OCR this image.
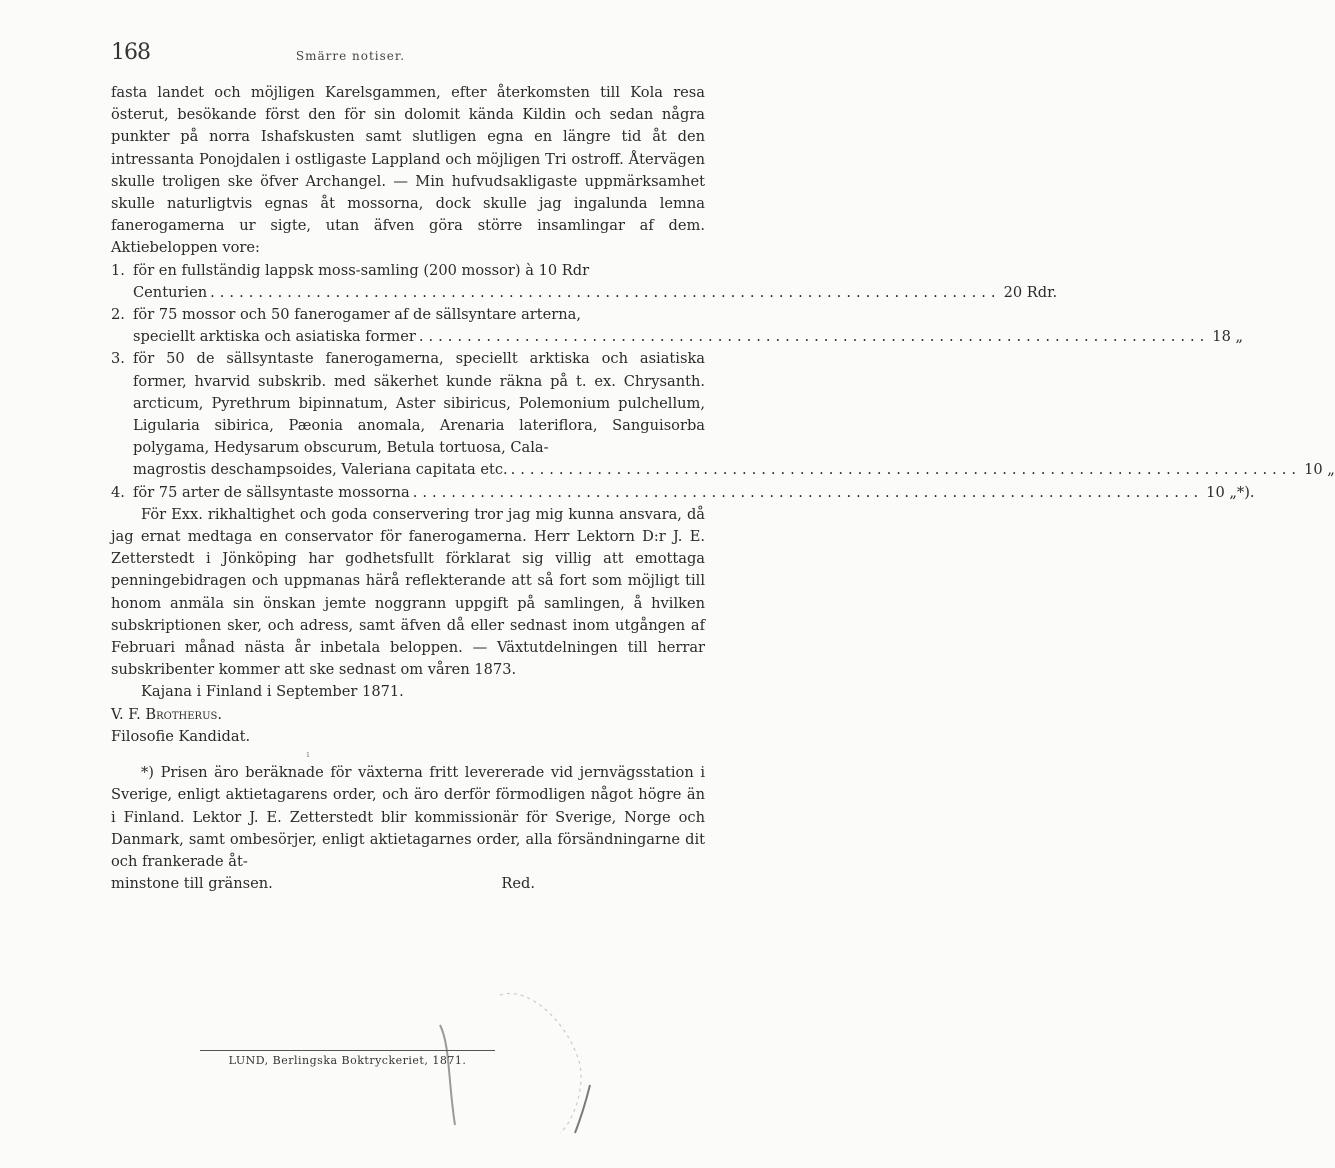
168	Smärre notiser.

fasta landet och möjligen Karelsgammen, efter återkomsten till Kola resa österut, besökande först den för sin dolomit kända Kildin och sedan några punkter på norra Ishafskusten samt slutligen egna en längre tid åt den intressanta Ponojdalen i ostligaste Lappland och möjligen Tri ostroff. Återvägen skulle troligen ske öfver Archangel. — Min hufvudsakligaste uppmärksamhet skulle naturligtvis egnas åt mossorna, dock skulle jag ingalunda lemna fanerogamerna ur sigte, utan äfven göra större insamlingar af dem. Aktiebeloppen vore:

1. för en fullständig lappsk moss-samling (200 mossor) à 10 Rdr

Centurien .................................................................................. 20 Rdr.
2. för 75 mossor och 50 fanerogamer af de sällsyntare arterna,

speciellt arktiska och asiatiska former .................................................................................. 18 „
3. för 50 de sällsyntaste fanerogamerna, speciellt arktiska och asiatiska former, hvarvid subskrib. med säkerhet kunde räkna på t. ex. Chrysanth. arcticum, Pyrethrum bipinnatum, Aster sibiricus, Polemonium pulchellum, Ligularia sibirica, Pæonia anomala, Arenaria lateriflora, Sanguisorba polygama, Hedysarum obscurum, Betula tortuosa, Cala-

magrostis deschampsoides, Valeriana capitata etc. .................................................................................. 10 „
4. för 75 arter de sällsyntaste mossorna .................................................................................. 10 „*).

För Exx. rikhaltighet och goda conservering tror jag mig kunna ansvara, då jag ernat medtaga en conservator för fanerogamerna. Herr Lektorn D:r J. E. Zetterstedt i Jönköping har godhetsfullt förklarat sig villig att emottaga penningebidragen och uppmanas härå reflekterande att så fort som möjligt till honom anmäla sin önskan jemte noggrann uppgift på samlingen, å hvilken subskriptionen sker, och adress, samt äfven då eller sednast inom utgången af Februari månad nästa år inbetala beloppen. — Växtutdelningen till herrar subskribenter kommer att ske sednast om våren 1873.

Kajana i Finland i September 1871.

V. F. Brotherus.

Filosofie Kandidat.

ı

*) Prisen äro beräknade för växterna fritt levererade vid jernvägsstation i Sverige, enligt aktietagarens order, och äro derför förmodligen något högre än i Finland. Lektor J. E. Zetterstedt blir kommissionär för Sverige, Norge och Danmark, samt ombesörjer, enligt aktietagarnes order, alla försändningarne dit och frankerade åt-

minstone till gränsen.	Red.
LUND, Berlingska Boktryckeriet, 1871.
